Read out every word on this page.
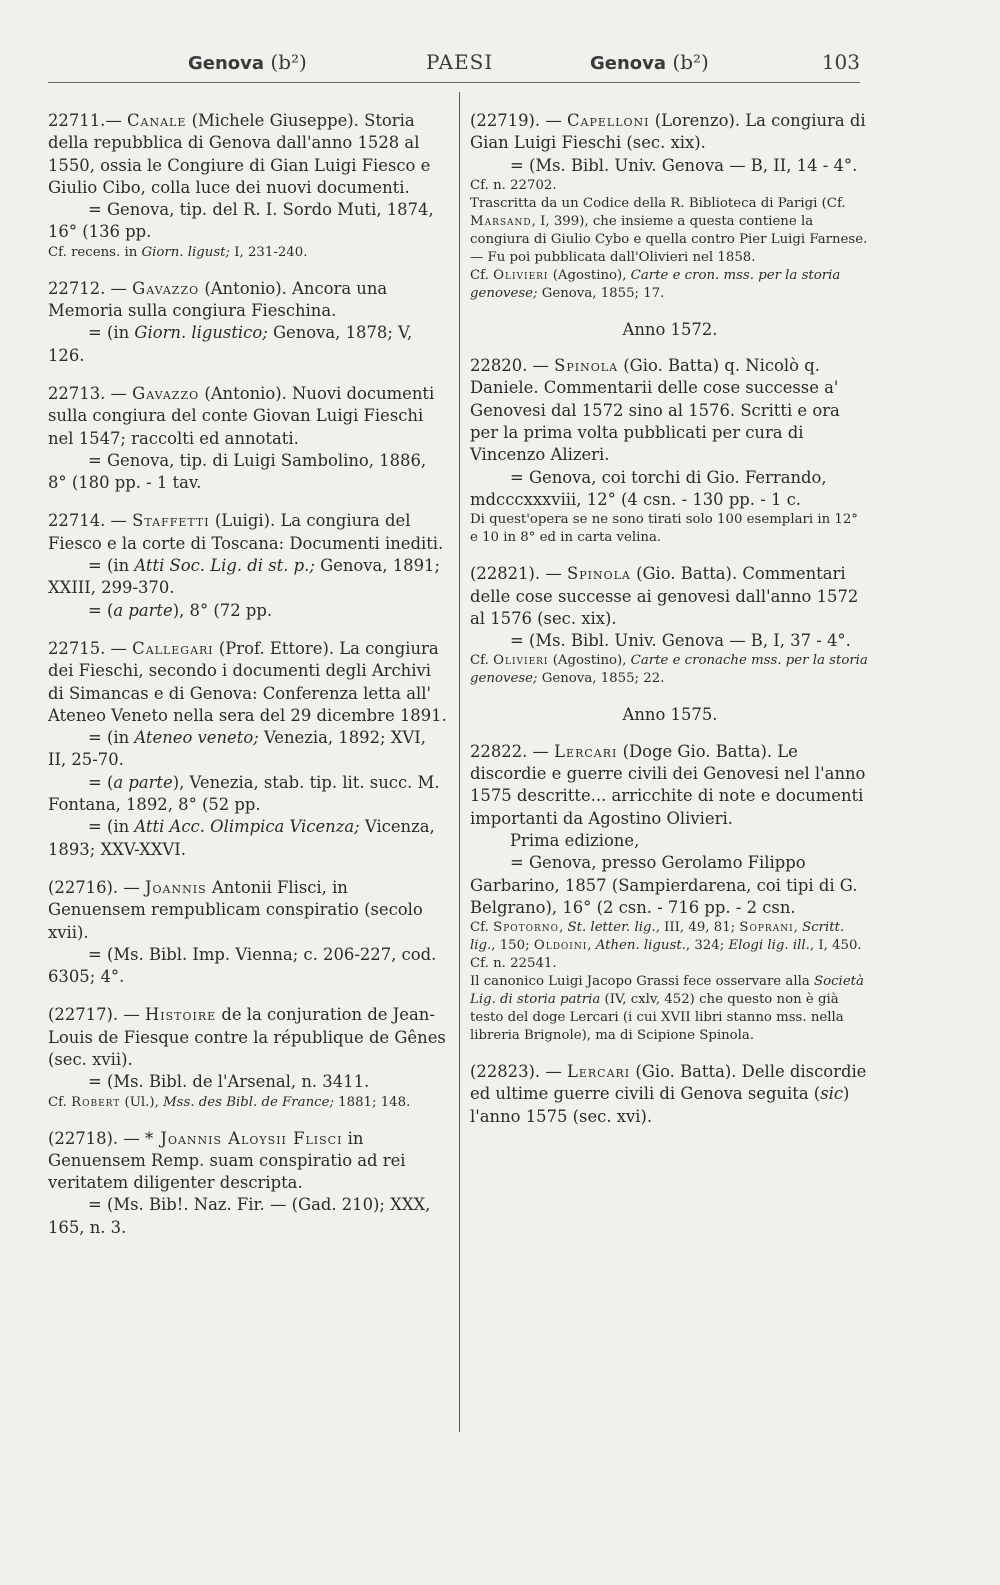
Genova (b²)	PAESI	Genova (b²)	103

22711.— Canale (Michele Giuseppe). Storia della repubblica di Genova dall'anno 1528 al 1550, ossia le Congiure di Gian Luigi Fiesco e Giulio Cibo, colla luce dei nuovi documenti.

= Genova, tip. del R. I. Sordo Muti, 1874, 16° (136 pp.

Cf. recens. in Giorn. ligust; I, 231-240.

22712. — Gavazzo (Antonio). Ancora una Memoria sulla congiura Fieschina.

= (in Giorn. ligustico; Genova, 1878; V, 126.

22713. — Gavazzo (Antonio). Nuovi documenti sulla congiura del conte Giovan Luigi Fieschi nel 1547; raccolti ed annotati.

= Genova, tip. di Luigi Sambolino, 1886, 8° (180 pp. - 1 tav.

22714. — Staffetti (Luigi). La congiura del Fiesco e la corte di Toscana: Documenti inediti.

= (in Atti Soc. Lig. di st. p.; Genova, 1891; XXIII, 299-370.

= (a parte), 8° (72 pp.

22715. — Callegari (Prof. Ettore). La congiura dei Fieschi, secondo i documenti degli Archivi di Simancas e di Genova: Conferenza letta all' Ateneo Veneto nella sera del 29 dicembre 1891.

= (in Ateneo veneto; Venezia, 1892; XVI, II, 25-70.

= (a parte), Venezia, stab. tip. lit. succ. M. Fontana, 1892, 8° (52 pp.

= (in Atti Acc. Olimpica Vicenza; Vicenza, 1893; XXV-XXVI.

(22716). — Joannis Antonii Flisci, in Genuensem rempublicam conspiratio (secolo xvii).

= (Ms. Bibl. Imp. Vienna; c. 206-227, cod. 6305; 4°.

(22717). — Histoire de la conjuration de Jean-Louis de Fiesque contre la république de Gênes (sec. xvii).

= (Ms. Bibl. de l'Arsenal, n. 3411.

Cf. Robert (Ul.), Mss. des Bibl. de France; 1881; 148.

(22718). — * Joannis Aloysii Flisci in Genuensem Remp. suam conspiratio ad rei veritatem diligenter descripta.

= (Ms. Bib!. Naz. Fir. — (Gad. 210); XXX, 165, n. 3.

(22719). — Capelloni (Lorenzo). La congiura di Gian Luigi Fieschi (sec. xix).

= (Ms. Bibl. Univ. Genova — B, II, 14 - 4°.

Cf. n. 22702.

Trascritta da un Codice della R. Biblioteca di Parigi (Cf. Marsand, I, 399), che insieme a questa contiene la congiura di Giulio Cybo e quella contro Pier Luigi Farnese. — Fu poi pubblicata dall'Olivieri nel 1858.

Cf. Olivieri (Agostino), Carte e cron. mss. per la storia genovese; Genova, 1855; 17.

Anno 1572.

22820. — Spinola (Gio. Batta) q. Nicolò q. Daniele. Commentarii delle cose successe a' Genovesi dal 1572 sino al 1576. Scritti e ora per la prima volta pubblicati per cura di Vincenzo Alizeri.

= Genova, coi torchi di Gio. Ferrando, mdcccxxxviii, 12° (4 csn. - 130 pp. - 1 c.

Di quest'opera se ne sono tirati solo 100 esemplari in 12° e 10 in 8° ed in carta velina.

(22821). — Spinola (Gio. Batta). Commentari delle cose successe ai genovesi dall'anno 1572 al 1576 (sec. xix).

= (Ms. Bibl. Univ. Genova — B, I, 37 - 4°.

Cf. Olivieri (Agostino), Carte e cronache mss. per la storia genovese; Genova, 1855; 22.

Anno 1575.

22822. — Lercari (Doge Gio. Batta). Le discordie e guerre civili dei Genovesi nel l'anno 1575 descritte... arricchite di note e documenti importanti da Agostino Olivieri.

Prima edizione,

= Genova, presso Gerolamo Filippo Garbarino, 1857 (Sampierdarena, coi tipi di G. Belgrano), 16° (2 csn. - 716 pp. - 2 csn.

Cf. Spotorno, St. letter. lig., III, 49, 81; Soprani, Scritt. lig., 150; Oldoini, Athen. ligust., 324; Elogi lig. ill., I, 450.

Cf. n. 22541.

Il canonico Luigi Jacopo Grassi fece osservare alla Società Lig. di storia patria (IV, cxlv, 452) che questo non è già testo del doge Lercari (i cui XVII libri stanno mss. nella libreria Brignole), ma di Scipione Spinola.

(22823). — Lercari (Gio. Batta). Delle discordie ed ultime guerre civili di Genova seguita (sic) l'anno 1575 (sec. xvi).
